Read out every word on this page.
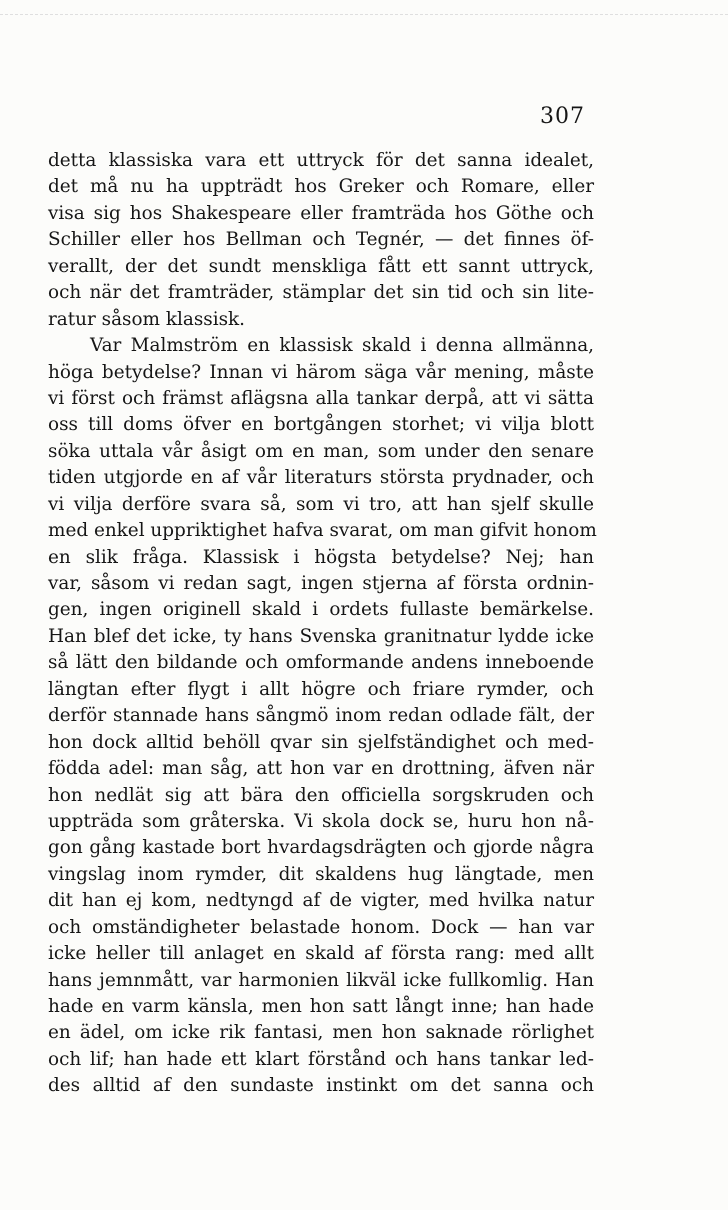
307
detta klassiska vara ett uttryck för det sanna idealet,
det må nu ha uppträdt hos Greker och Romare, eller
visa sig hos Shakespeare eller framträda hos Göthe och
Schiller eller hos Bellman och Tegnér, — det finnes öf-
verallt, der det sundt menskliga fått ett sannt uttryck,
och när det framträder, stämplar det sin tid och sin lite-
ratur såsom klassisk.
Var Malmström en klassisk skald i denna allmänna,
höga betydelse? Innan vi härom säga vår mening, måste
vi först och främst aflägsna alla tankar derpå, att vi sätta
oss till doms öfver en bortgången storhet; vi vilja blott
söka uttala vår åsigt om en man, som under den senare
tiden utgjorde en af vår literaturs största prydnader, och
vi vilja derföre svara så, som vi tro, att han sjelf skulle
med enkel uppriktighet hafva svarat, om man gifvit honom
en slik fråga. Klassisk i högsta betydelse? Nej; han
var, såsom vi redan sagt, ingen stjerna af första ordnin-
gen, ingen originell skald i ordets fullaste bemärkelse.
Han blef det icke, ty hans Svenska granitnatur lydde icke
så lätt den bildande och omformande andens inneboende
längtan efter flygt i allt högre och friare rymder, och
derför stannade hans sångmö inom redan odlade fält, der
hon dock alltid behöll qvar sin sjelfständighet och med-
födda adel: man såg, att hon var en drottning, äfven när
hon nedlät sig att bära den officiella sorgskruden och
uppträda som gråterska. Vi skola dock se, huru hon nå-
gon gång kastade bort hvardagsdrägten och gjorde några
vingslag inom rymder, dit skaldens hug längtade, men
dit han ej kom, nedtyngd af de vigter, med hvilka natur
och omständigheter belastade honom. Dock — han var
icke heller till anlaget en skald af första rang: med allt
hans jemnmått, var harmonien likväl icke fullkomlig. Han
hade en varm känsla, men hon satt långt inne; han hade
en ädel, om icke rik fantasi, men hon saknade rörlighet
och lif; han hade ett klart förstånd och hans tankar led-
des alltid af den sundaste instinkt om det sanna och
